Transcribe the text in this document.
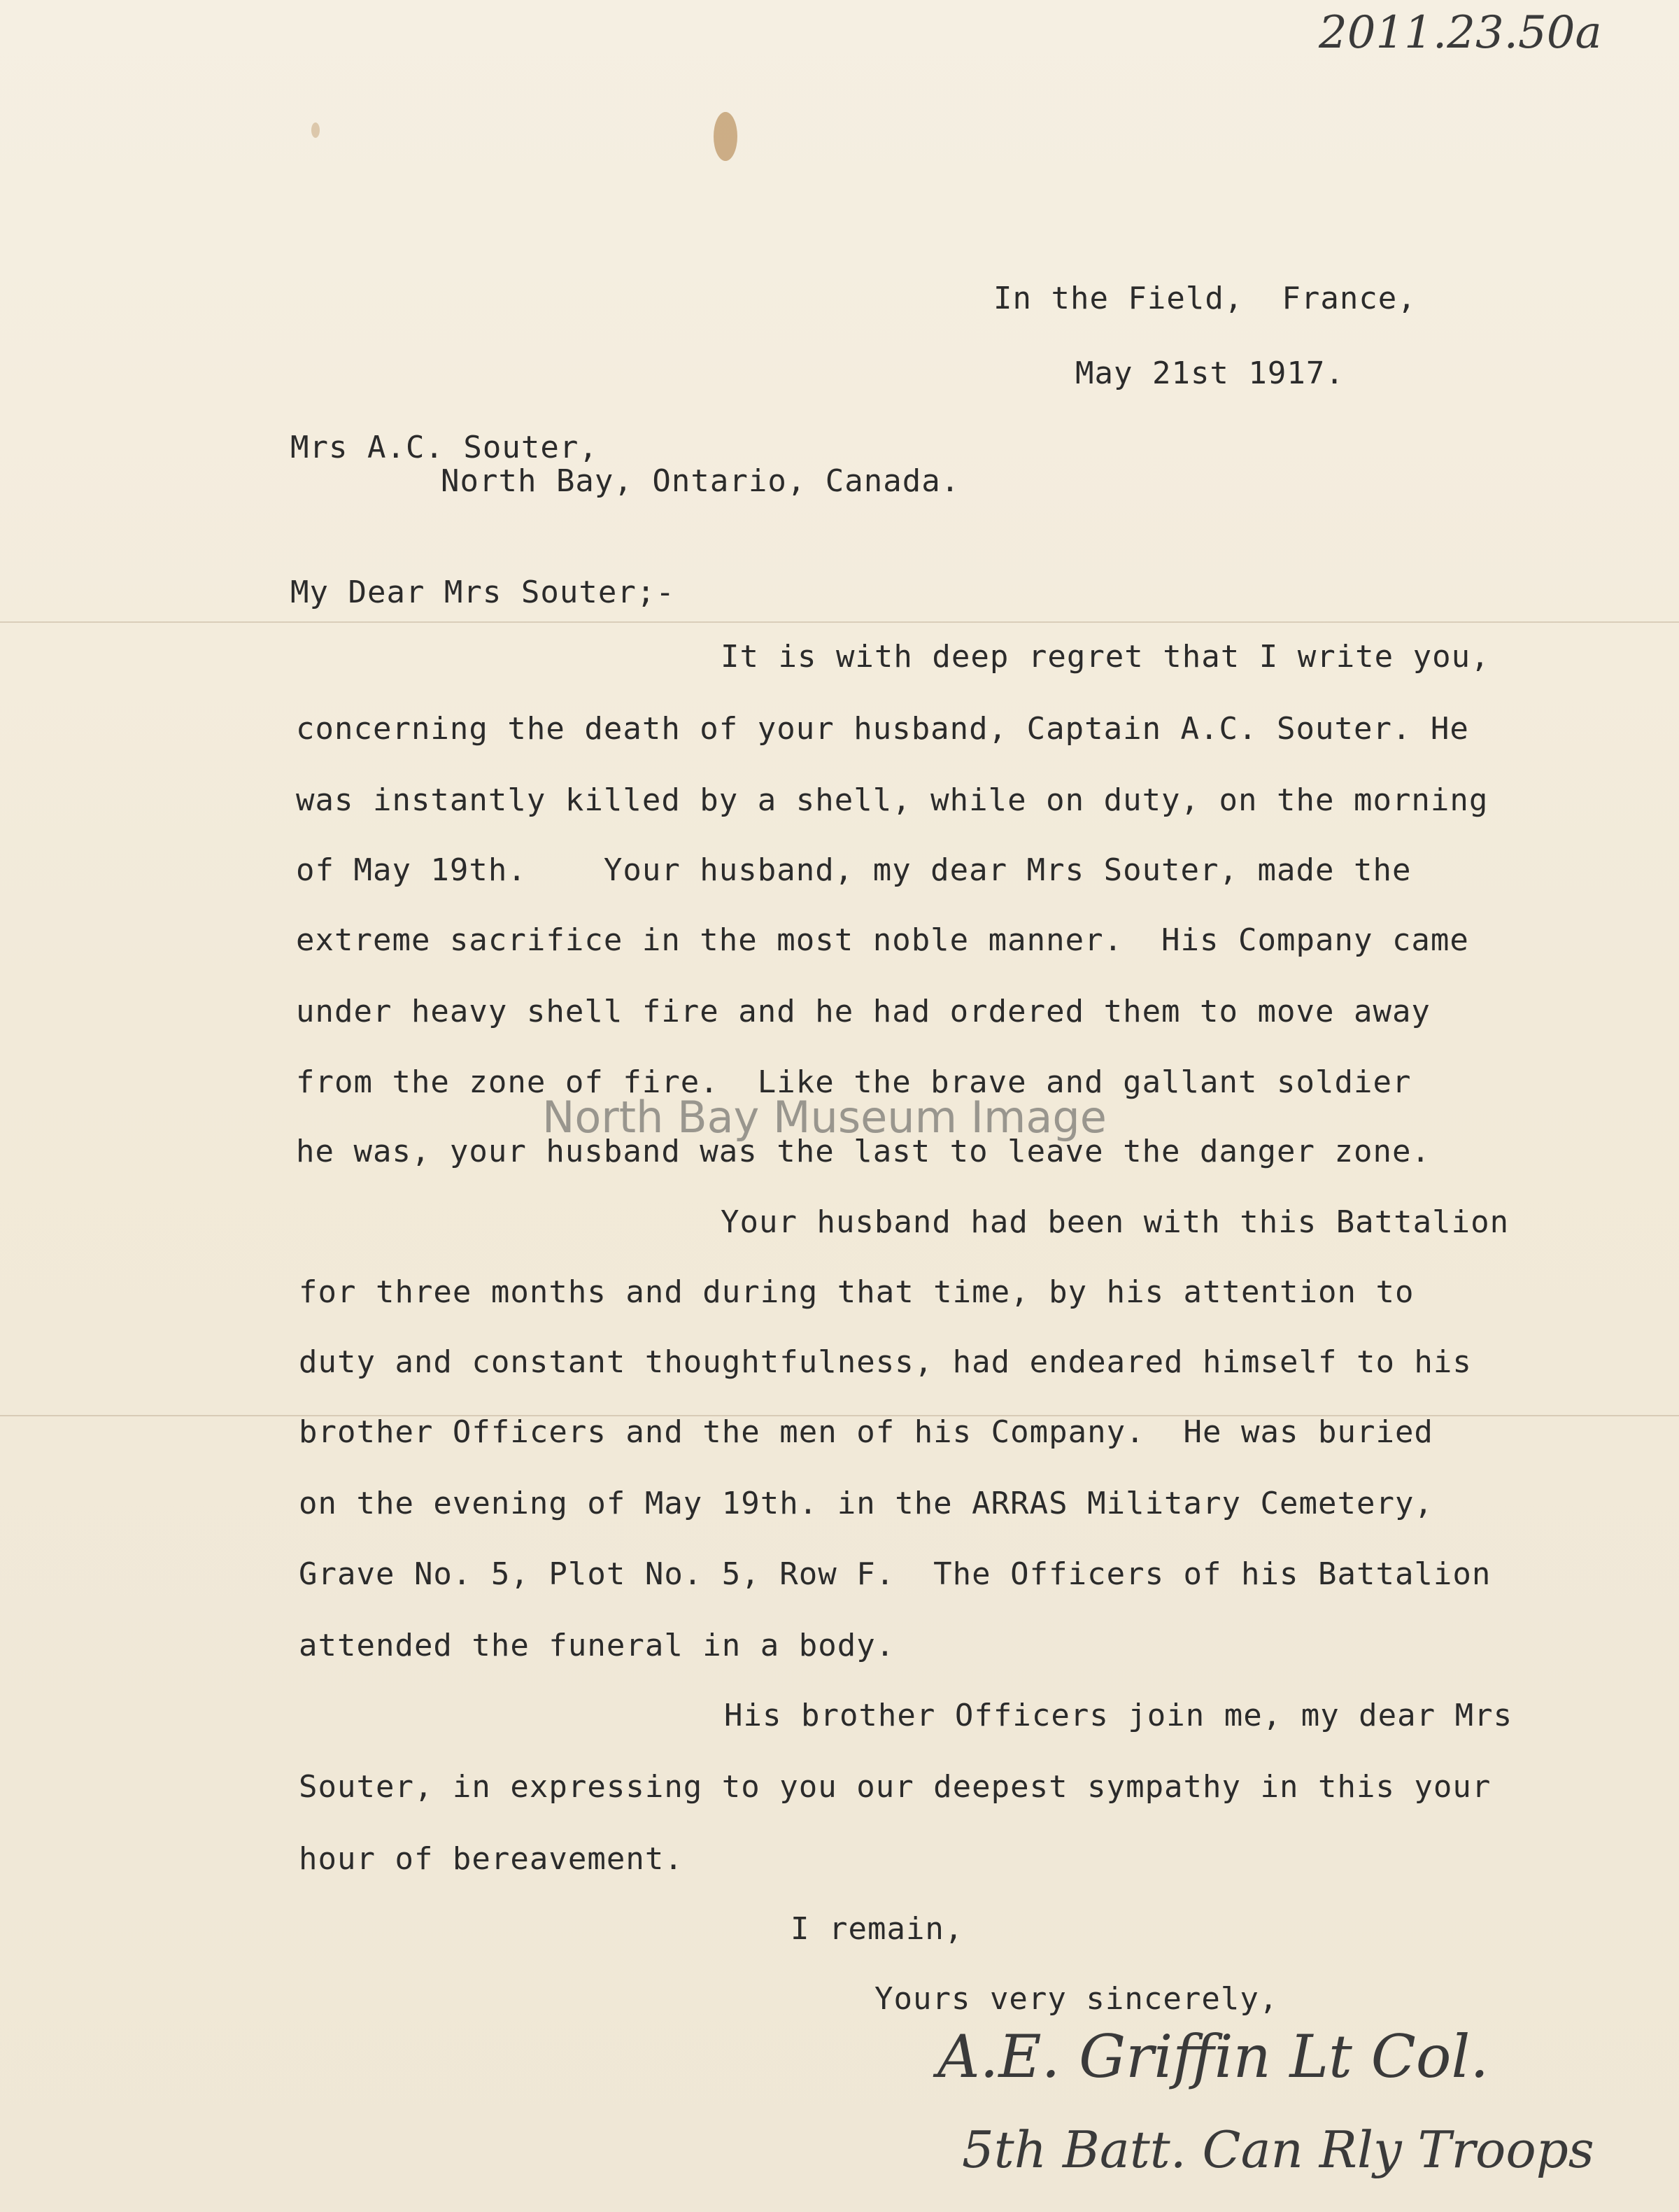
2011.23.50a
In the Field,  France,
May 21st 1917.
Mrs A.C. Souter,
North Bay, Ontario, Canada.
My Dear Mrs Souter;-
It is with deep regret that I write you,
concerning the death of your husband, Captain A.C. Souter. He
was instantly killed by a shell, while on duty, on the morning
of May 19th.    Your husband, my dear Mrs Souter, made the
extreme sacrifice in the most noble manner.  His Company came
under heavy shell fire and he had ordered them to move away
from the zone of fire.  Like the brave and gallant soldier
he was, your husband was the last to leave the danger zone.
Your husband had been with this Battalion
for three months and during that time, by his attention to
duty and constant thoughtfulness, had endeared himself to his
brother Officers and the men of his Company.  He was buried
on the evening of May 19th. in the ARRAS Military Cemetery,
Grave No. 5, Plot No. 5, Row F.  The Officers of his Battalion
attended the funeral in a body.
His brother Officers join me, my dear Mrs
Souter, in expressing to you our deepest sympathy in this your
hour of bereavement.
I remain,
Yours very sincerely,
A.E. Griffin Lt Col.
5th Batt. Can Rly Troops
North Bay Museum Image
